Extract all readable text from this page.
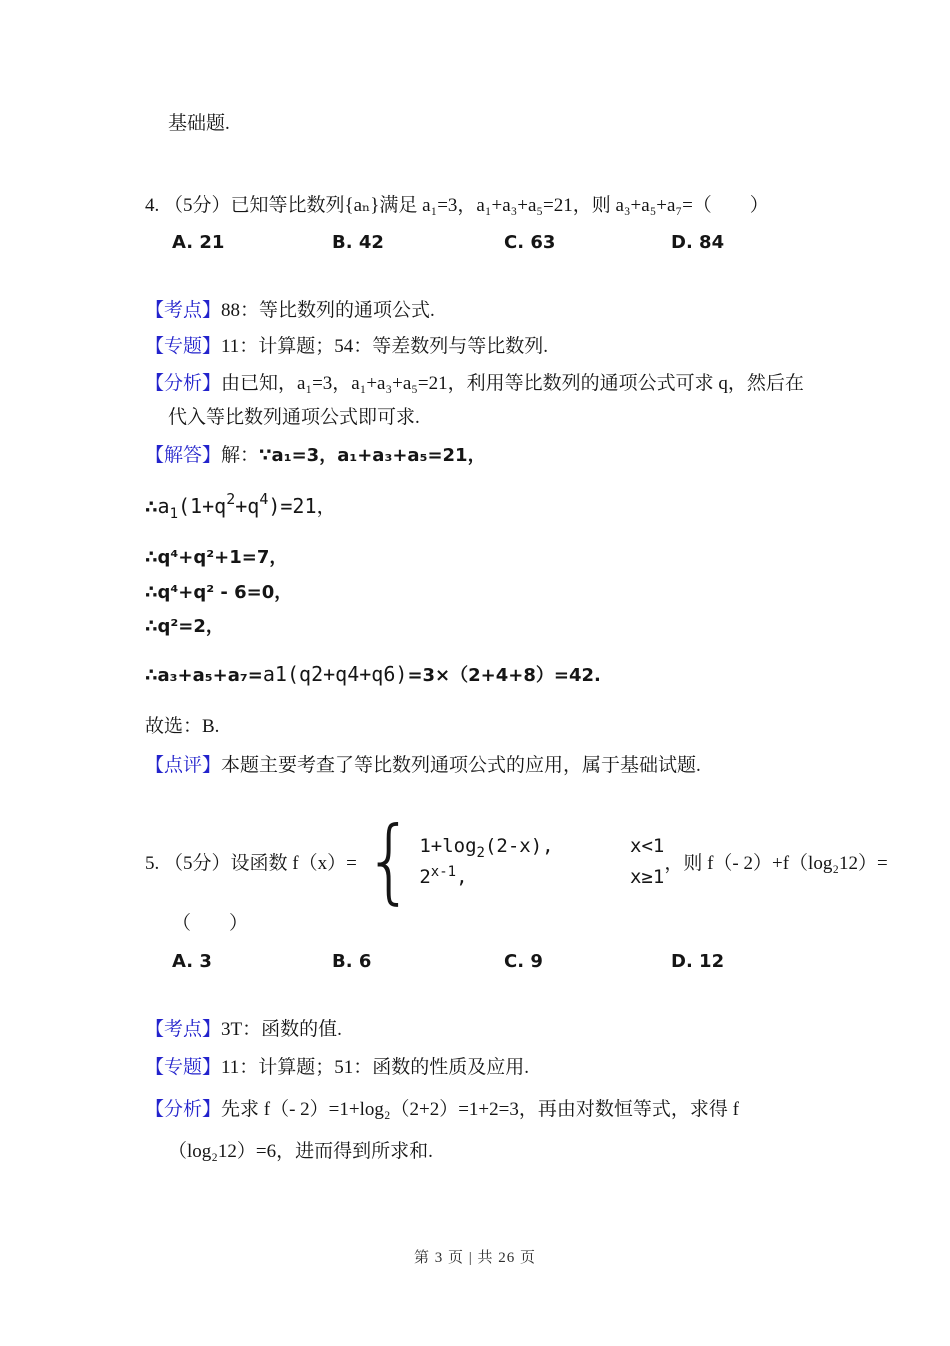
基础题.
4. （5分）已知等比数列{aₙ}满足 a₁=3，a₁+a₃+a₅=21，则 a₃+a₅+a₇=（　　）
A. 21	B. 42	C. 63	D. 84
【考点】88：等比数列的通项公式.
【专题】11：计算题；54：等差数列与等比数列.
【分析】由已知，a₁=3，a₁+a₃+a₅=21，利用等比数列的通项公式可求 q，然后在
代入等比数列通项公式即可求.
【解答】解：∵a₁=3，a₁+a₃+a₅=21，
$\therefore a_1(1+q^2+q^4)=21$，
∴q⁴+q²+1=7，
∴q⁴+q² - 6=0，
∴q²=2，
∴a₃+a₅+a₇=a1(q2+q4+q6)=3×（2+4+8）=42.
故选：B.
【点评】本题主要考查了等比数列通项公式的应用，属于基础试题.
5. （5分）设函数 f（x）= { $1+\log_2(2-x)$,	x<1
2$^{x-1}$,	x≥1
，则 f（- 2）+f（log₂12）=
（　　）
A. 3	B. 6	C. 9	D. 12
【考点】3T：函数的值.
【专题】11：计算题；51：函数的性质及应用.
【分析】先求 f（- 2）=1+log₂（2+2）=1+2=3，再由对数恒等式，求得 f
（log₂12）=6，进而得到所求和.
第 3 页 | 共 26 页
